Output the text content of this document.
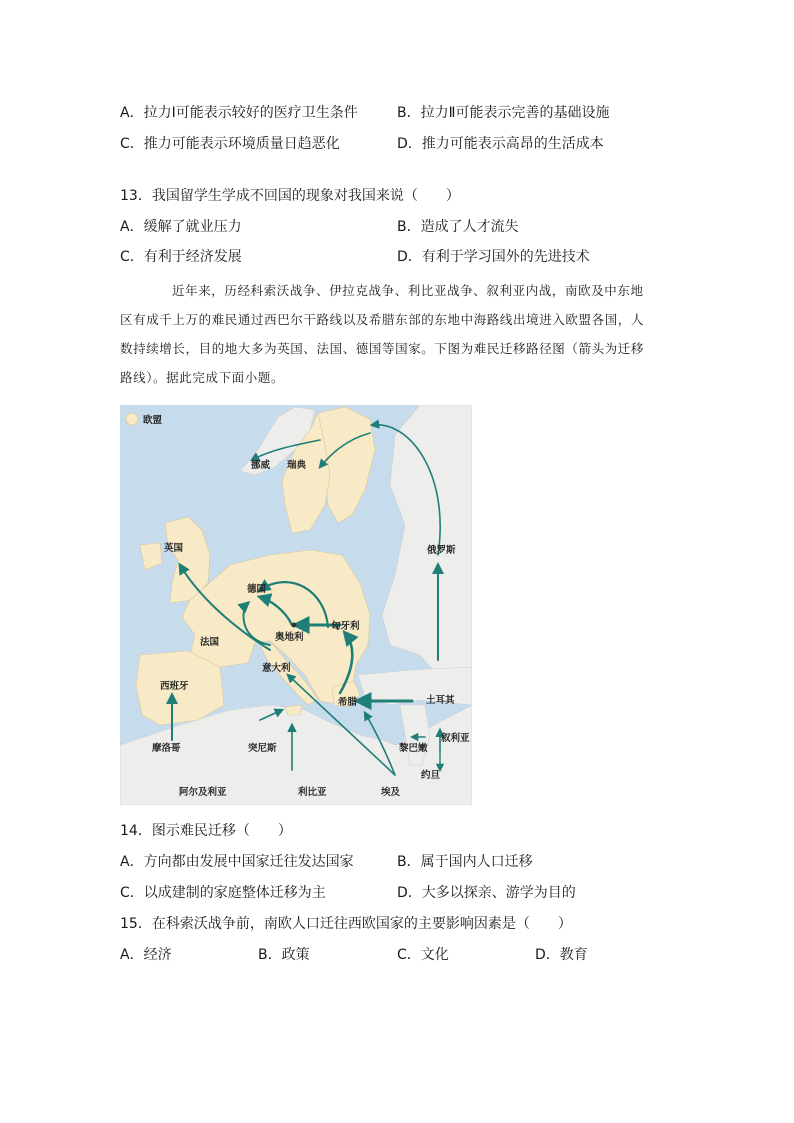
A．拉力Ⅰ可能表示较好的医疗卫生条件	B．拉力Ⅱ可能表示完善的基础设施
C．推力可能表示环境质量日趋恶化	D．推力可能表示高昂的生活成本
13．我国留学生学成不回国的现象对我国来说（　　）
A．缓解了就业压力	B．造成了人才流失
C．有利于经济发展	D．有利于学习国外的先进技术
近年来，历经科索沃战争、伊拉克战争、利比亚战争、叙利亚内战，南欧及中东地
区有成千上万的难民通过西巴尔干路线以及希腊东部的东地中海路线出境进入欧盟各国，人
数持续增长，目的地大多为英国、法国、德国等国家。下图为难民迁移路径图（箭头为迁移
路线）。据此完成下面小题。
欧盟
挪威 瑞典
英国	俄罗斯
德国
奥地利
匈牙利
法国
意大利
西班牙
希腊	土耳其
摩洛哥	突尼斯	黎巴嫩
叙利亚
约旦
阿尔及利亚	利比亚	埃及
14．图示难民迁移（　　）
A．方向都由发展中国家迁往发达国家	B．属于国内人口迁移
C．以成建制的家庭整体迁移为主	D．大多以探亲、游学为目的
15．在科索沃战争前，南欧人口迁往西欧国家的主要影响因素是（　　）
A．经济	B．政策	C．文化	D．教育
